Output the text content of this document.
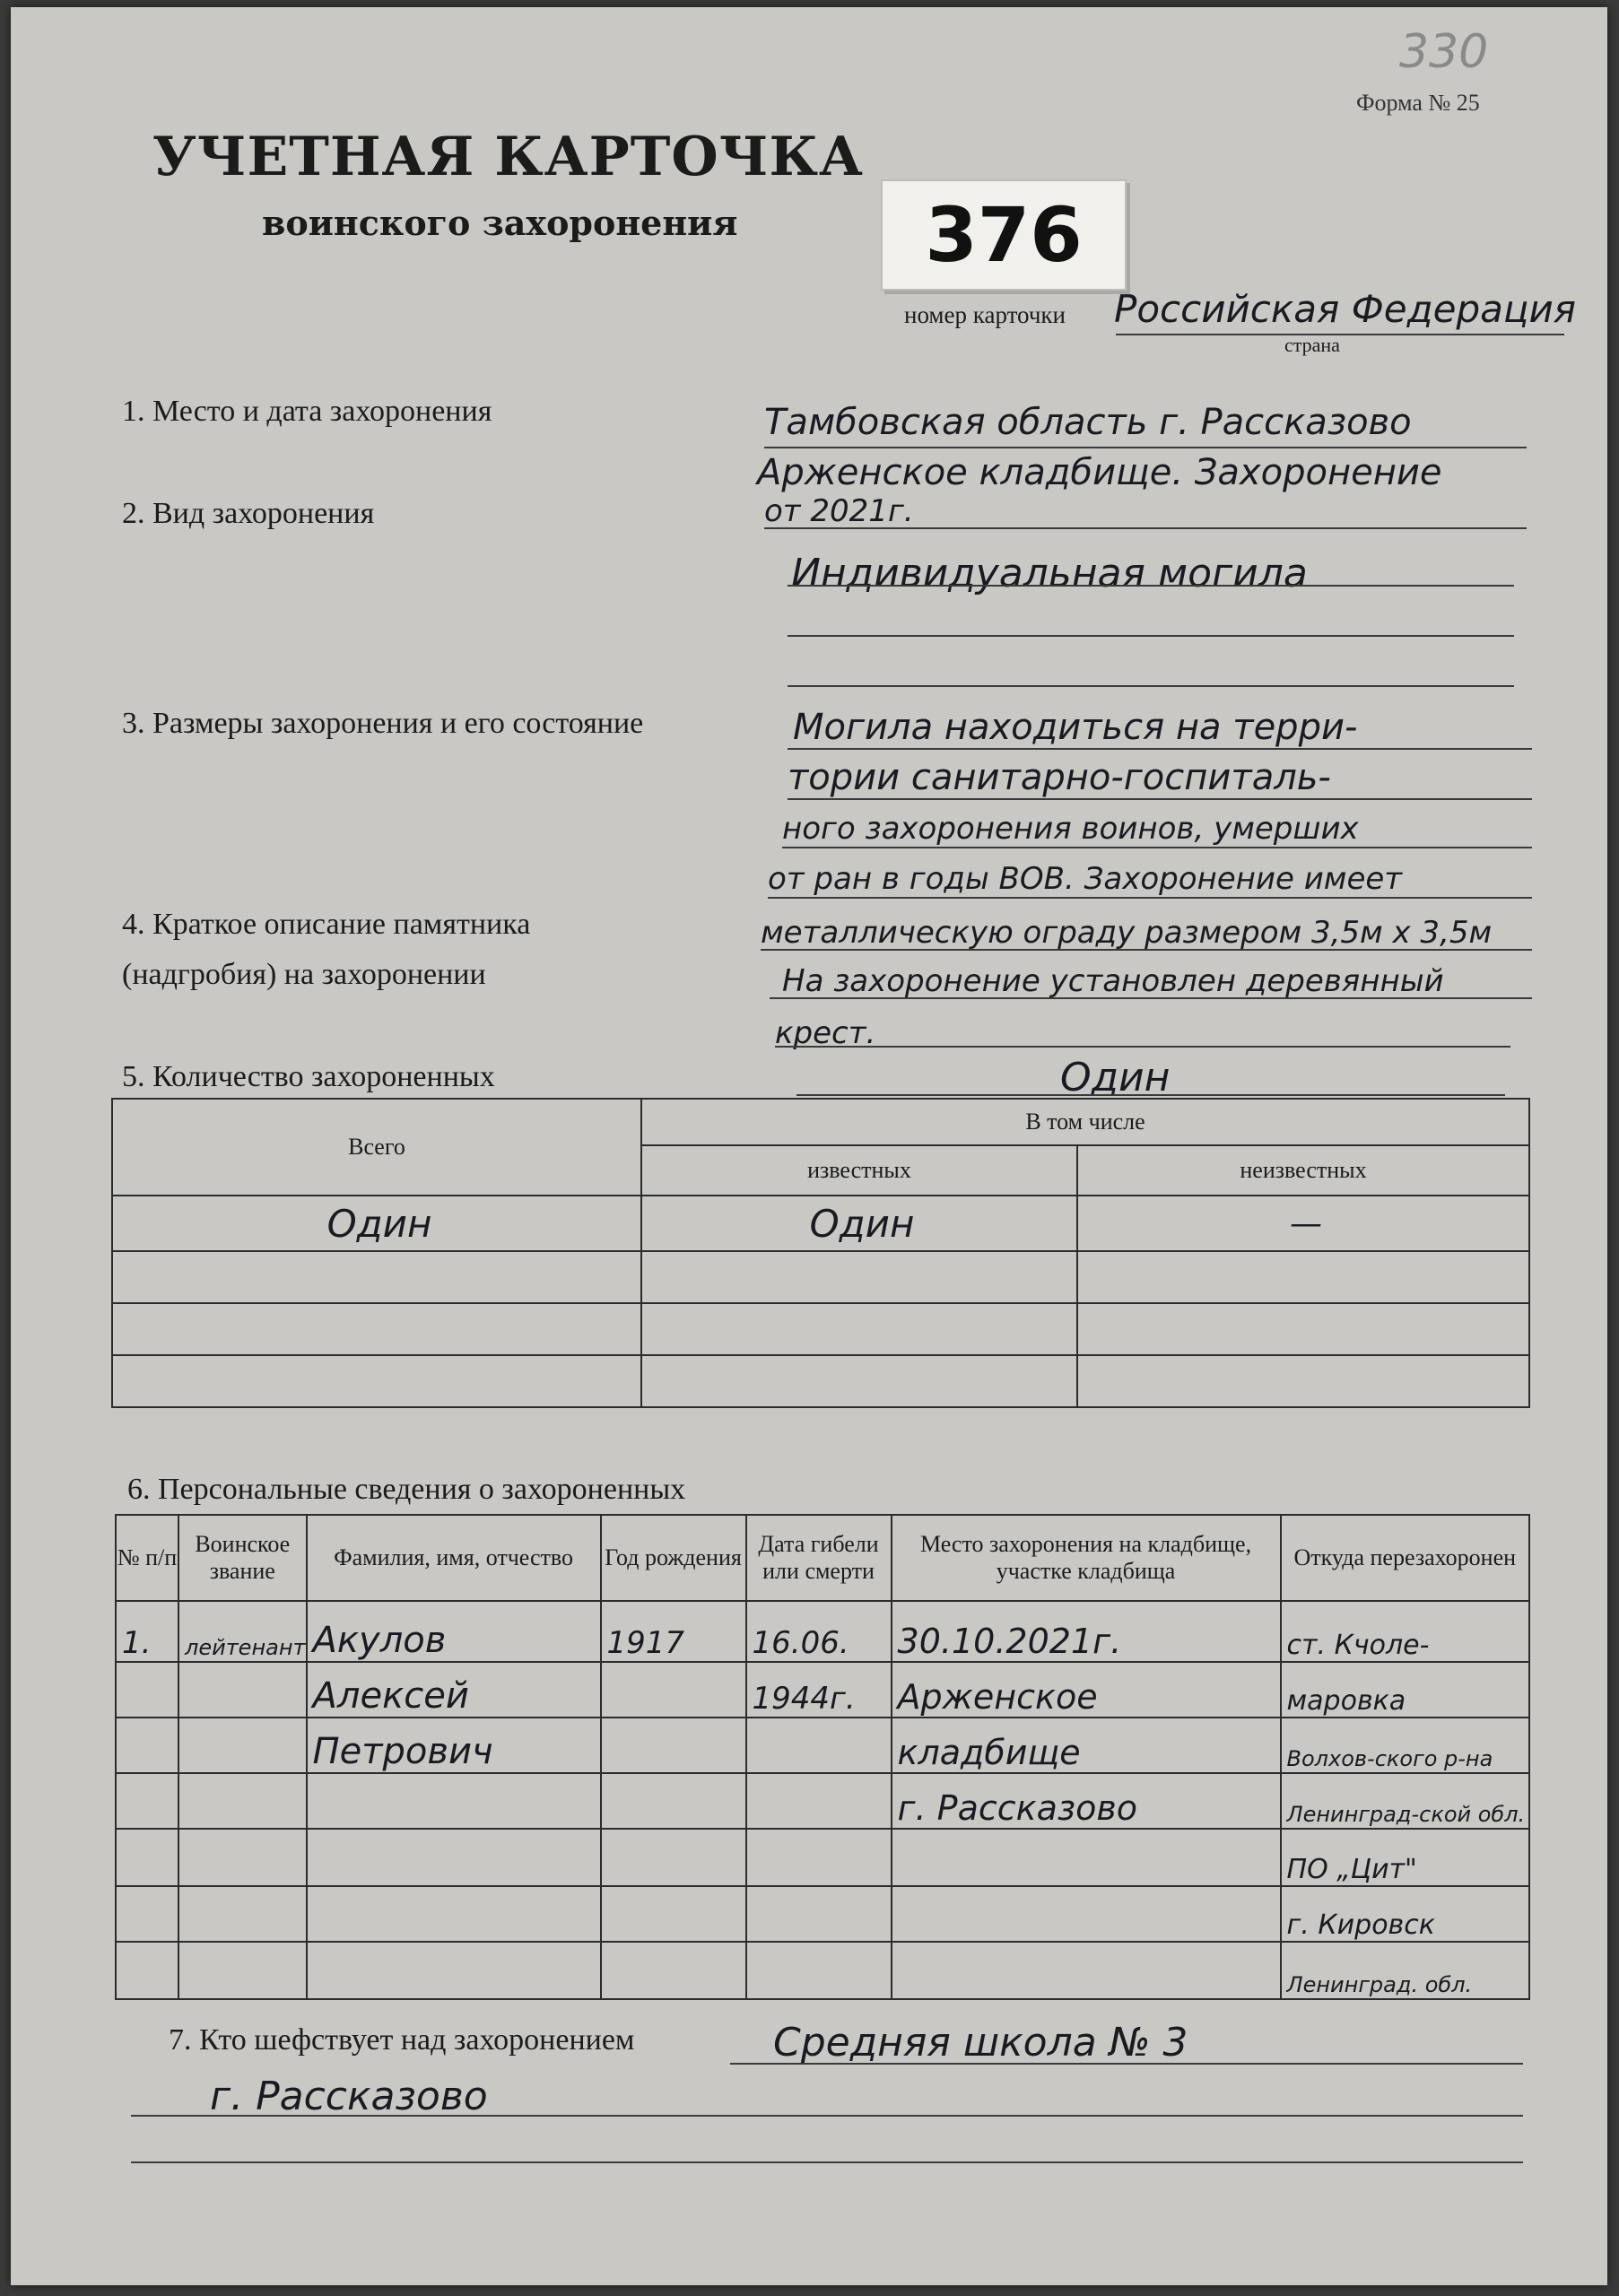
330
Форма № 25
УЧЕТНАЯ КАРТОЧКА
воинского захоронения	376
номер карточки Российская Федерация
страна
1. Место и дата захоронения	Тамбовская область г. Рассказово
Арженское кладбище. Захоронение
от 2021г.
2. Вид захоронения
Индивидуальная могила
3. Размеры захоронения и его состояние	Могила находиться на терри-
тории санитарно-госпиталь-
ного захоронения воинов, умерших
от ран в годы ВОВ. Захоронение имеет
4. Краткое описание памятника
(надгробия) на захоронении
металлическую ограду размером 3,5м х 3,5м
На захоронение установлен деревянный
крест.
5. Количество захороненных	Один
Всего	В том числе	
	известных	неизвестных
Один	Один	—

6. Персональные сведения о захороненных
№ п/п	Воинское звание	Фамилия, имя, отчество	Год рождения	Дата гибели или смерти	Место захоронения на кладбище, участке кладбища	Откуда перезахоронен
1.	лейтенант	Акулов	1917	16.06.	30.10.2021г.	ст. Кчоле-
		Алексей		1944г.	Арженское	маровка
		Петрович			кладбище	Волхов-ского р-на
					г. Рассказово	Ленинград-ской обл.
						ПО „Цит"
						г. Кировск
						Ленинград. обл.
7. Кто шефствует над захоронением	Средняя школа № 3
г. Рассказово
